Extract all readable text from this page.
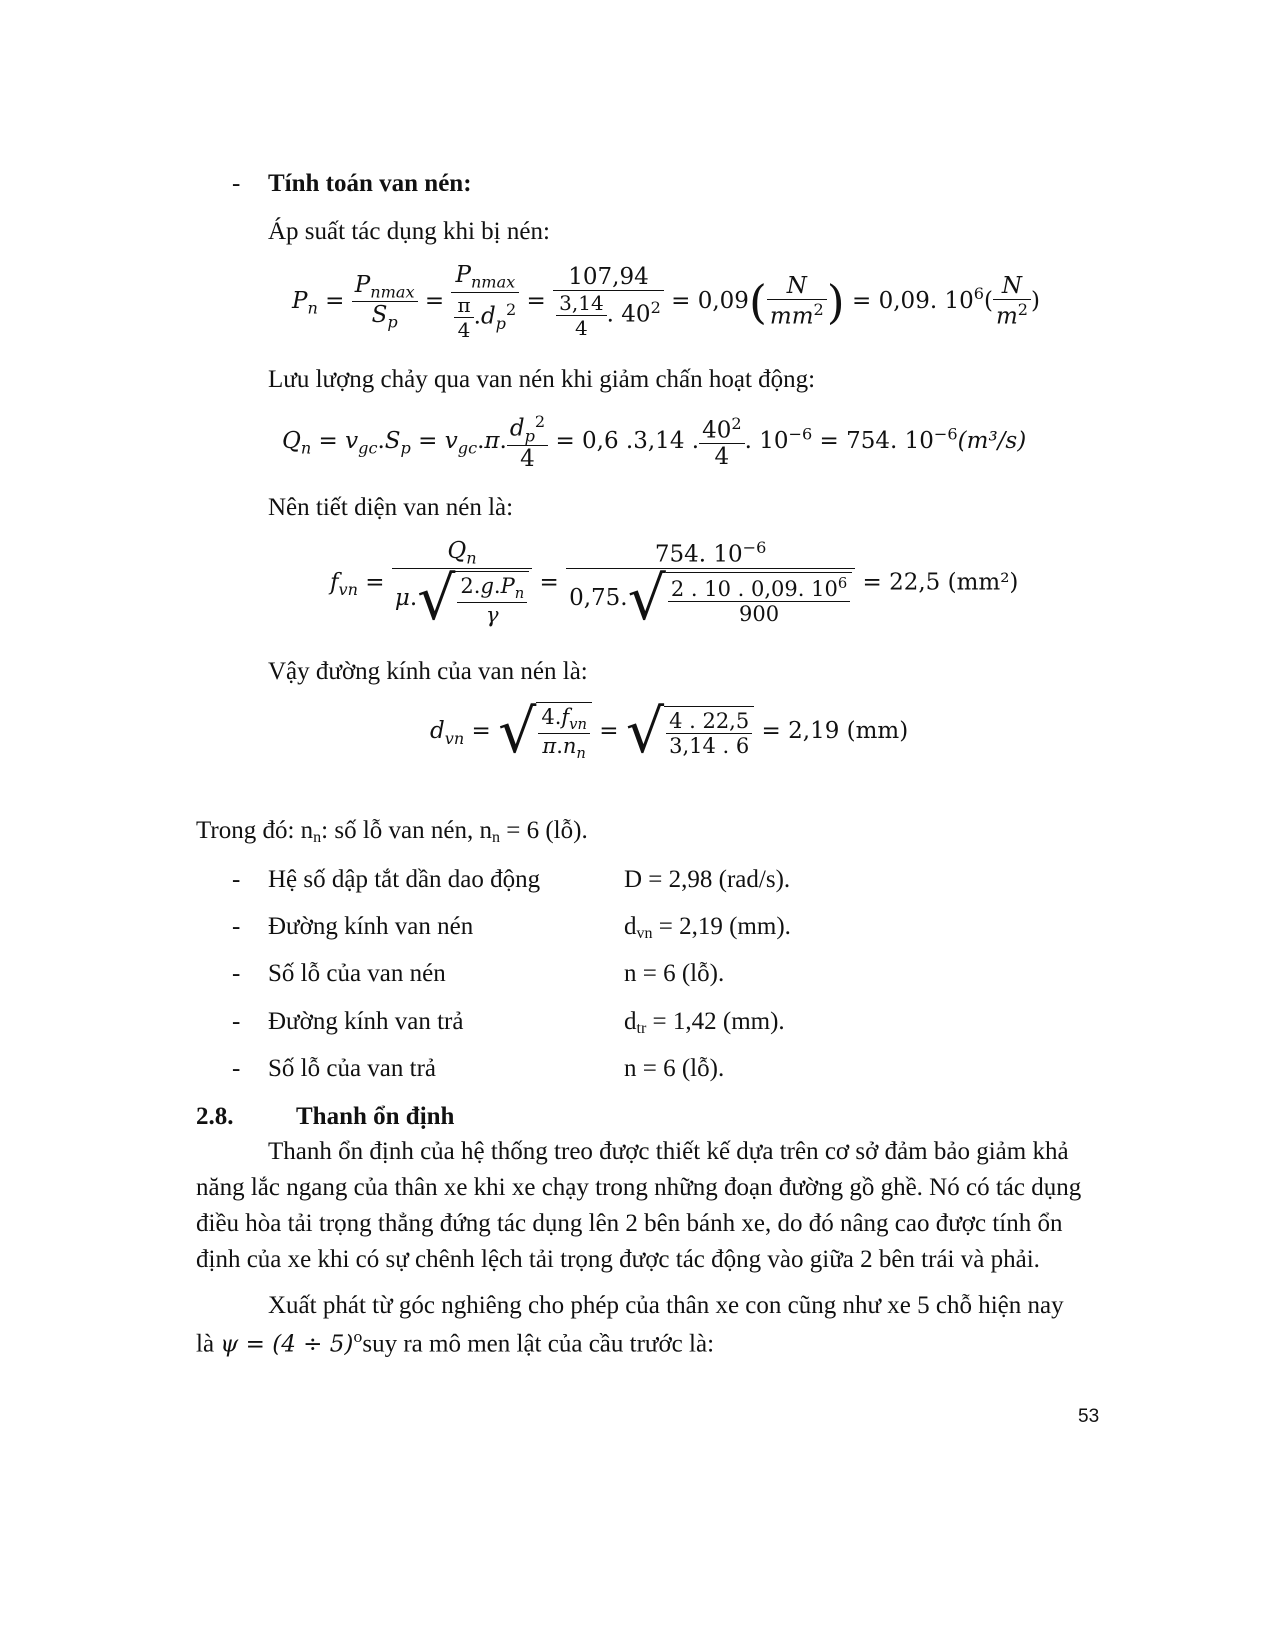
- Tính toán van nén:
Áp suất tác dụng khi bị nén:
$P_n = \frac{P_{nmax}}{S_p} = \frac{P_{nmax}}{\frac{\pi}{4} .d_p^2} = \frac{107,94}{\frac{3,14}{4} . 40^2} = 0,09( \frac{N}{mm^2}$ ) = 0,09. $10^6( \frac{N}{m^2}$ )
Lưu lượng chảy qua van nén khi giảm chấn hoạt động:
$Q_n = v_{gc}.S_p = v_{gc}.\pi$. $\frac{d_p^2}{4} = 0,6$ .3,14 . $\frac{40^2}{4}$ . $10^{-6} = 754$. $10^{-6}(m^3/s)$
Nên tiết diện van nén là:
$f_{vn} = \frac{Q_n}{\mu.√ \frac{2.g.P_n}{\gamma}} = \frac{754. 10^{-6}}{0,75.√ \frac{2 . 10 . 0,09. 10^6}{900}} = 22,5$ (mm²)
Vậy đường kính của van nén là:
$d_{vn}$ = √ $\frac{4.f_{vn}}{\pi.n_n}$ = √ $\frac{4 . 22,5}{3,14 . 6} = 2,19$ (mm)
Trong đó: nn: số lỗ van nén, nn = 6 (lỗ).
- Hệ số dập tắt dần dao động	D = 2,98 (rad/s).
- Đường kính van nén	dvn = 2,19 (mm).
- Số lỗ của van nén	n = 6 (lỗ).
- Đường kính van trả	dtr = 1,42 (mm).
- Số lỗ của van trả	n = 6 (lỗ).
2.8.	Thanh ổn định
Thanh ổn định của hệ thống treo được thiết kế dựa trên cơ sở đảm bảo giảm khả
năng lắc ngang của thân xe khi xe chạy trong những đoạn đường gồ ghề. Nó có tác dụng
điều hòa tải trọng thẳng đứng tác dụng lên 2 bên bánh xe, do đó nâng cao được tính ổn
định của xe khi có sự chênh lệch tải trọng được tác động vào giữa 2 bên trái và phải.
Xuất phát từ góc nghiêng cho phép của thân xe con cũng như xe 5 chỗ hiện nay
là $\psi = (4 \div 5)^osuy$ ra mô men lật của cầu trước là:
53
